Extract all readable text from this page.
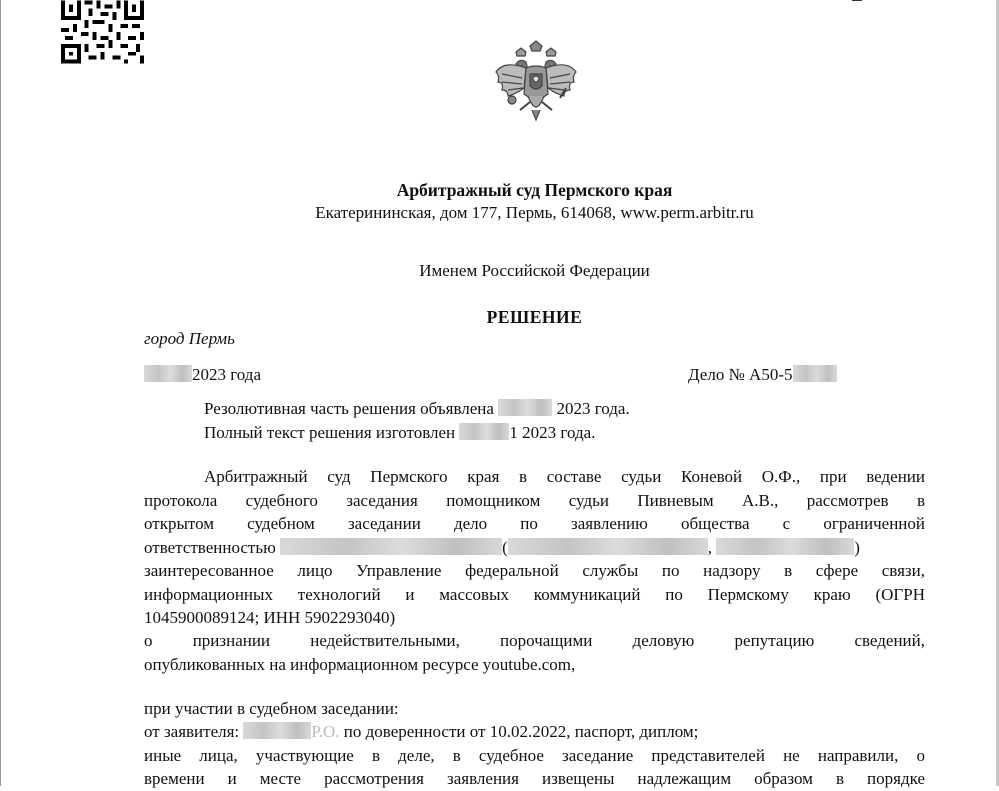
Арбитражный суд Пермского края
Екатерининская, дом 177, Пермь, 614068, www.perm.arbitr.ru
Именем Российской Федерации
РЕШЕНИЕ
город Пермь
2023 года	Дело № А50-5
Резолютивная часть решения объявлена	2023 года.
Полный текст решения изготовлен	1 2023 года.
Арбитражный суд Пермского края в составе судьи Коневой О.Ф., при ведении
протокола судебного заседания помощником судьи Пивневым А.В., рассмотрев в
открытом судебном заседании дело по заявлению общества с ограниченной
ответственностью	(	,	)
заинтересованное лицо Управление федеральной службы по надзору в сфере связи,
информационных технологий и массовых коммуникаций по Пермскому краю (ОГРН
1045900089124; ИНН 5902293040)
о признании недействительными, порочащими деловую репутацию сведений,
опубликованных на информационном ресурсе youtube.com,
при участии в судебном заседании:
от заявителя:	Р.О. по доверенности от 10.02.2022, паспорт, диплом;
иные лица, участвующие в деле, в судебное заседание представителей не направили, о
времени и месте рассмотрения заявления извещены надлежащим образом в порядке
